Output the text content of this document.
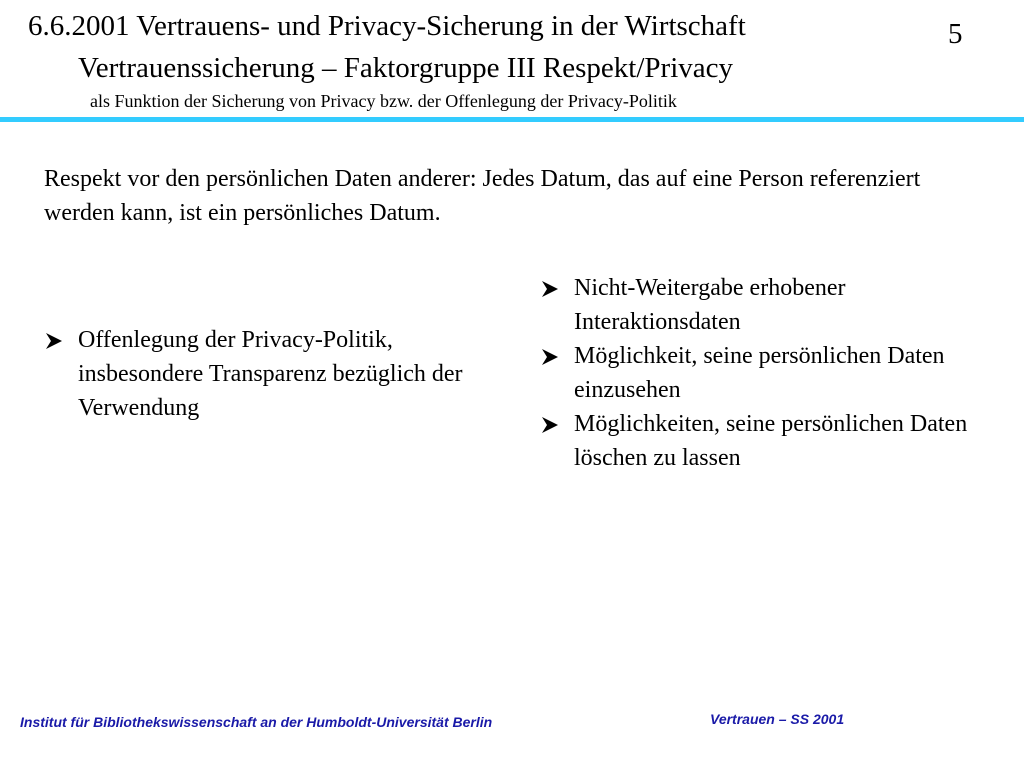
6.6.2001 Vertrauens- und Privacy-Sicherung in der Wirtschaft	5
Vertrauenssicherung – Faktorgruppe III Respekt/Privacy
als Funktion der Sicherung von Privacy bzw. der Offenlegung der Privacy-Politik
Respekt vor den persönlichen Daten anderer: Jedes Datum, das auf eine Person referenziert werden kann, ist ein persönliches Datum.
Offenlegung der Privacy-Politik, insbesondere Transparenz bezüglich der Verwendung
Nicht-Weitergabe erhobener Interaktionsdaten
Möglichkeit, seine persönlichen Daten einzusehen
Möglichkeiten, seine persönlichen Daten löschen zu lassen
Vertrauen – SS 2001
Institut für Bibliothekswissenschaft an der Humboldt-Universität Berlin
